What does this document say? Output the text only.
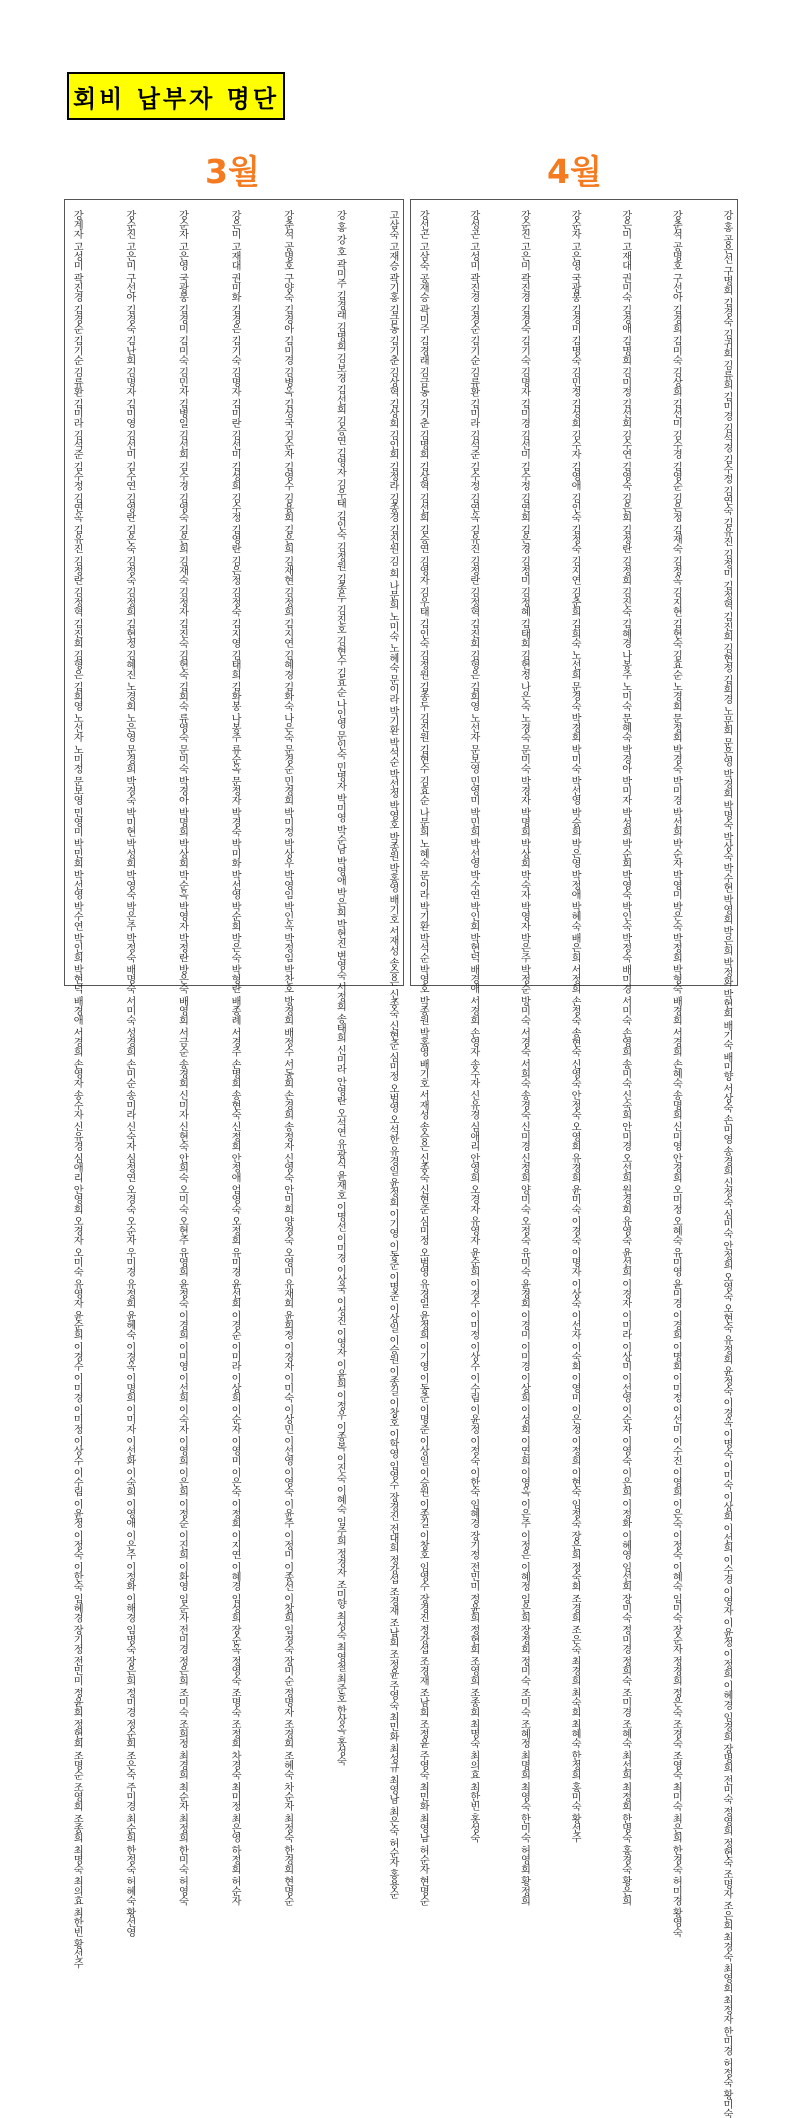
회비 납부자 명단
3월	4월
고삼숙 고재승 곽기홍 김금동 김기춘 김상혁 김상희 김인희 김정라 김종경 김진원 김 희 나문희 노미숙 노혜숙 문이라 박기환 박석순 박선정 박영호 박종원 박홍영 배기호 서재성 송승은 신종숙 신현준 심미정 오범영 오석한 유경일 윤정희 이기영 이동준 이명준 이상일 이승원 이종길 이창호 이학영 임영수 장경진 전대희 정강섭 조경재 조남희 조정윤 주영숙 최민화 최성규 최영남 최은숙 허순자 홍용순
강 홍 강 호 곽미주 김경래 김명희 김보경 김선희 김승연 김영자 김우태 김인숙 김정원 김종두 김진호 김현수 김효순 나인영 문인숙 민명자 박미영 박순남 박영애 박은희 박현진 변영숙 서정희 송태희 신미라 안영란 오석연 유광식 윤재호 이명선 이미경 이상국 이성진 이영자 이윤희 이정우 이종복 이진숙 이혜숙 임주희 정경자 조미향 최성숙 최영철 최준호 한상옥 홍성숙
강춘석 공명호 구양숙 김경아 김미경 김병옥 김성국 김순자 김영수 김용희 김은희 김재현 김정희 김지연 김혜경 김화숙 나은숙 문경순 민경희 박미정 박상우 박영임 박인옥 박정임 박찬호 방경희 배정수 서동희 손경희 송정자 신영숙 안미희 양경숙 오영미 유재희 윤희정 이경자 이미숙 이상민 이선영 이영숙 이윤주 이정미 이종선 이창희 임경숙 장미순 정명자 조경희 조혜숙 차순자 최정숙 한경희 현명순
강은미 고재대 권미화 김경은 김기숙 김명자 김미란 김선미 김성희 김수정 김영란 김은정 김정숙 김지영 김태희 김화봉 나봉주 류순옥 문정자 박경숙 박미화 박선영 박순희 박은숙 박형란 배종례 서경주 손명희 송현숙 신정희 안정애 엄영숙 오정희 유미경 윤선희 이경순 이미라 이상희 이순자 이영미 이은숙 이정희 이지연 이혜경 임성희 장순옥 정영숙 조명숙 조정희 차경숙 최미정 최은영 하정희 허순자
강순자 고은영 국광봉 김경미 김미숙 김민자 김병일 김선희 김수경 김영숙 김은희 김재숙 김정자 김진숙 김현숙 김희숙 류영숙 문미숙 박경아 박명희 박상희 박순옥 박영자 박정란 방은숙 배영희 서금순 송경희 신미자 신현숙 안희숙 오미숙 오현주 유영희 윤정숙 이경희 이미영 이선희 이숙자 이영희 이은희 이정순 이진희 이화영 임순자 전미경 정은희 조미숙 조희정 최경희 최순자 최정희 한미숙 허영숙
강순진 고은미 구선아 김경숙 김난희 김명자 김미영 김선미 김수연 김영란 김은숙 김정숙 김정희 김현정 김혜진 노경희 노은영 문경희 박경숙 박미현 박성희 박영숙 박은주 박정숙 배명숙 서미숙 성경희 손미순 송미라 신숙자 심정연 오경숙 오순자 우미경 유정희 윤혜숙 이경옥 이명희 이미자 이선화 이숙희 이영애 이은주 이정화 이해경 임명숙 장은희 정미경 정순희 조은숙 주미경 최순희 한정숙 허혜숙 황선영
강계자 고성미 곽진경 김경순 김기순 김류환 김미라 김석준 김수정 김연옥 김유진 김정란 김정혁 김진희 김형은 김희영 노선자 노미정 문보영 민영미 박민희 박선영 박수연 박인희 박현덕 배경애 서경희 손영자 송수자 신유경 심애리 안영희 오경자 오미숙 유영자 윤순희 이경수 이미경 이미정 이상수 이수림 이윤정 이정숙 이한숙 임혜경 장기정 전민미 정윤희 정현희 조명순 조영희 조종희 최명숙 최의효 최한빈 황선주	강 홍 공은선 구명희 김경숙 김귀희 김류희 김미경 김석경 김수정 김연숙 김유진 김정미 김정혁 김진희 김현정 김희경 노문희 문은영 박경희 박명숙 박상숙 박수현 박영희 박은희 박정화 박현희 배기숙 배미향 서상숙 손미영 송경희 신정숙 심미숙 안정희 오영숙 오현숙 유정희 윤정숙 이경옥 이명숙 이미숙 이상희 이선희 이수경 이영자 이윤정 이정희 이혜경 임경희 장명희 전미숙 정영희 정현숙 조명자 조은희 최경숙 최영희 최정자 한미경 허정숙 황미숙
강춘석 공명호 구선아 김경희 김미숙 김상희 김선미 김수경 김영순 김은정 김재숙 김정옥 김지현 김현숙 김효순 노경희 문정희 박경숙 박미경 박선희 박순자 박영미 박은숙 박정희 박형숙 배경희 서경희 손혜숙 송명희 신미영 안경희 오미정 오혜숙 유미영 윤미경 이경희 이명희 이미정 이선미 이수진 이영희 이은숙 이정숙 이혜숙 임미숙 장순자 정경희 정은숙 조경숙 조영숙 최미숙 최은희 한경숙 허미경 황영숙
강은미 고재대 권미숙 김경애 김명희 김미정 김선희 김수연 김영숙 김은희 김정란 김정희 김진숙 김혜경 나봉주 노미숙 문혜숙 박경아 박미자 박성희 박순희 박영숙 박인숙 박정숙 배미경 서미숙 손영희 송미숙 신숙희 안미경 오선희 원경희 유영숙 윤선희 이경자 이미라 이상미 이선영 이순자 이영숙 이은희 이정화 이혜영 임선희 장미숙 정미경 정희숙 조미경 조혜숙 최선희 최정희 한명숙 홍경숙 황은희
강순자 고은영 국광봉 김경미 김명숙 김민정 김성희 김수자 김영애 김인숙 김정숙 김지연 김춘희 김희숙 노선희 문경숙 박경희 박미숙 박선영 박승희 박은영 박정애 박혜숙 배은희 서정희 손정숙 송현숙 신영숙 안정숙 오영희 유경희 윤미숙 이경숙 이명자 이상숙 이선자 이숙희 이영미 이은정 이정희 이현숙 임정숙 장은희 정숙희 조경희 조은숙 최경희 최숙희 최혜숙 한정희 홍미숙 황선주
강순진 고은미 곽진경 김경숙 김기숙 김명자 김미경 김선미 김수정 김연희 김은경 김정미 김정혜 김태희 김현정 나은숙 노경숙 문미숙 박경자 박명희 박상희 박숙자 박영자 박은주 박정순 방미숙 서경숙 서희숙 송경숙 신미경 신정희 양미숙 오정숙 유미숙 윤경희 이경미 이미경 이상희 이성희 이연희 이영옥 이은주 이정은 이혜정 임은희 장정희 정미숙 조미숙 조혜정 최명희 최영숙 한미숙 허영희 황정희
강성곤 고성미 곽진경 김경순 김기순 김류환 김미라 김석준 김수정 김연옥 김유진 김정란 김정혁 김진희 김형은 김희영 노선자 문보영 민영미 박민희 박선영 박수연 박인희 박현덕 배경애 서경희 손영자 송수자 신유경 심애리 안영희 오경자 유영자 윤순희 이경수 이미정 이상수 이수림 이윤정 이정숙 이한숙 임혜경 장기정 전민미 정윤희 정현희 조영희 조종희 최명숙 최의효 최한빈 홍성숙
강선곤 고삼숙 공재승 곽미주 김경래 김금동 김기춘 김명희 김상혁 김선희 김승연 김영자 김우태 김인숙 김정원 김종두 김진원 김현수 김효순 나문희 노혜숙 문이라 박기환 박석순 박영호 박종원 박홍영 배기호 서재성 송승은 신종숙 신현준 심미정 오범영 유경일 윤정희 이기영 이동준 이명준 이상일 이승원 이종길 이창호 임영수 장경진 정강섭 조경재 조남희 조정윤 주영숙 최민화 최영남 허순자 현명순
